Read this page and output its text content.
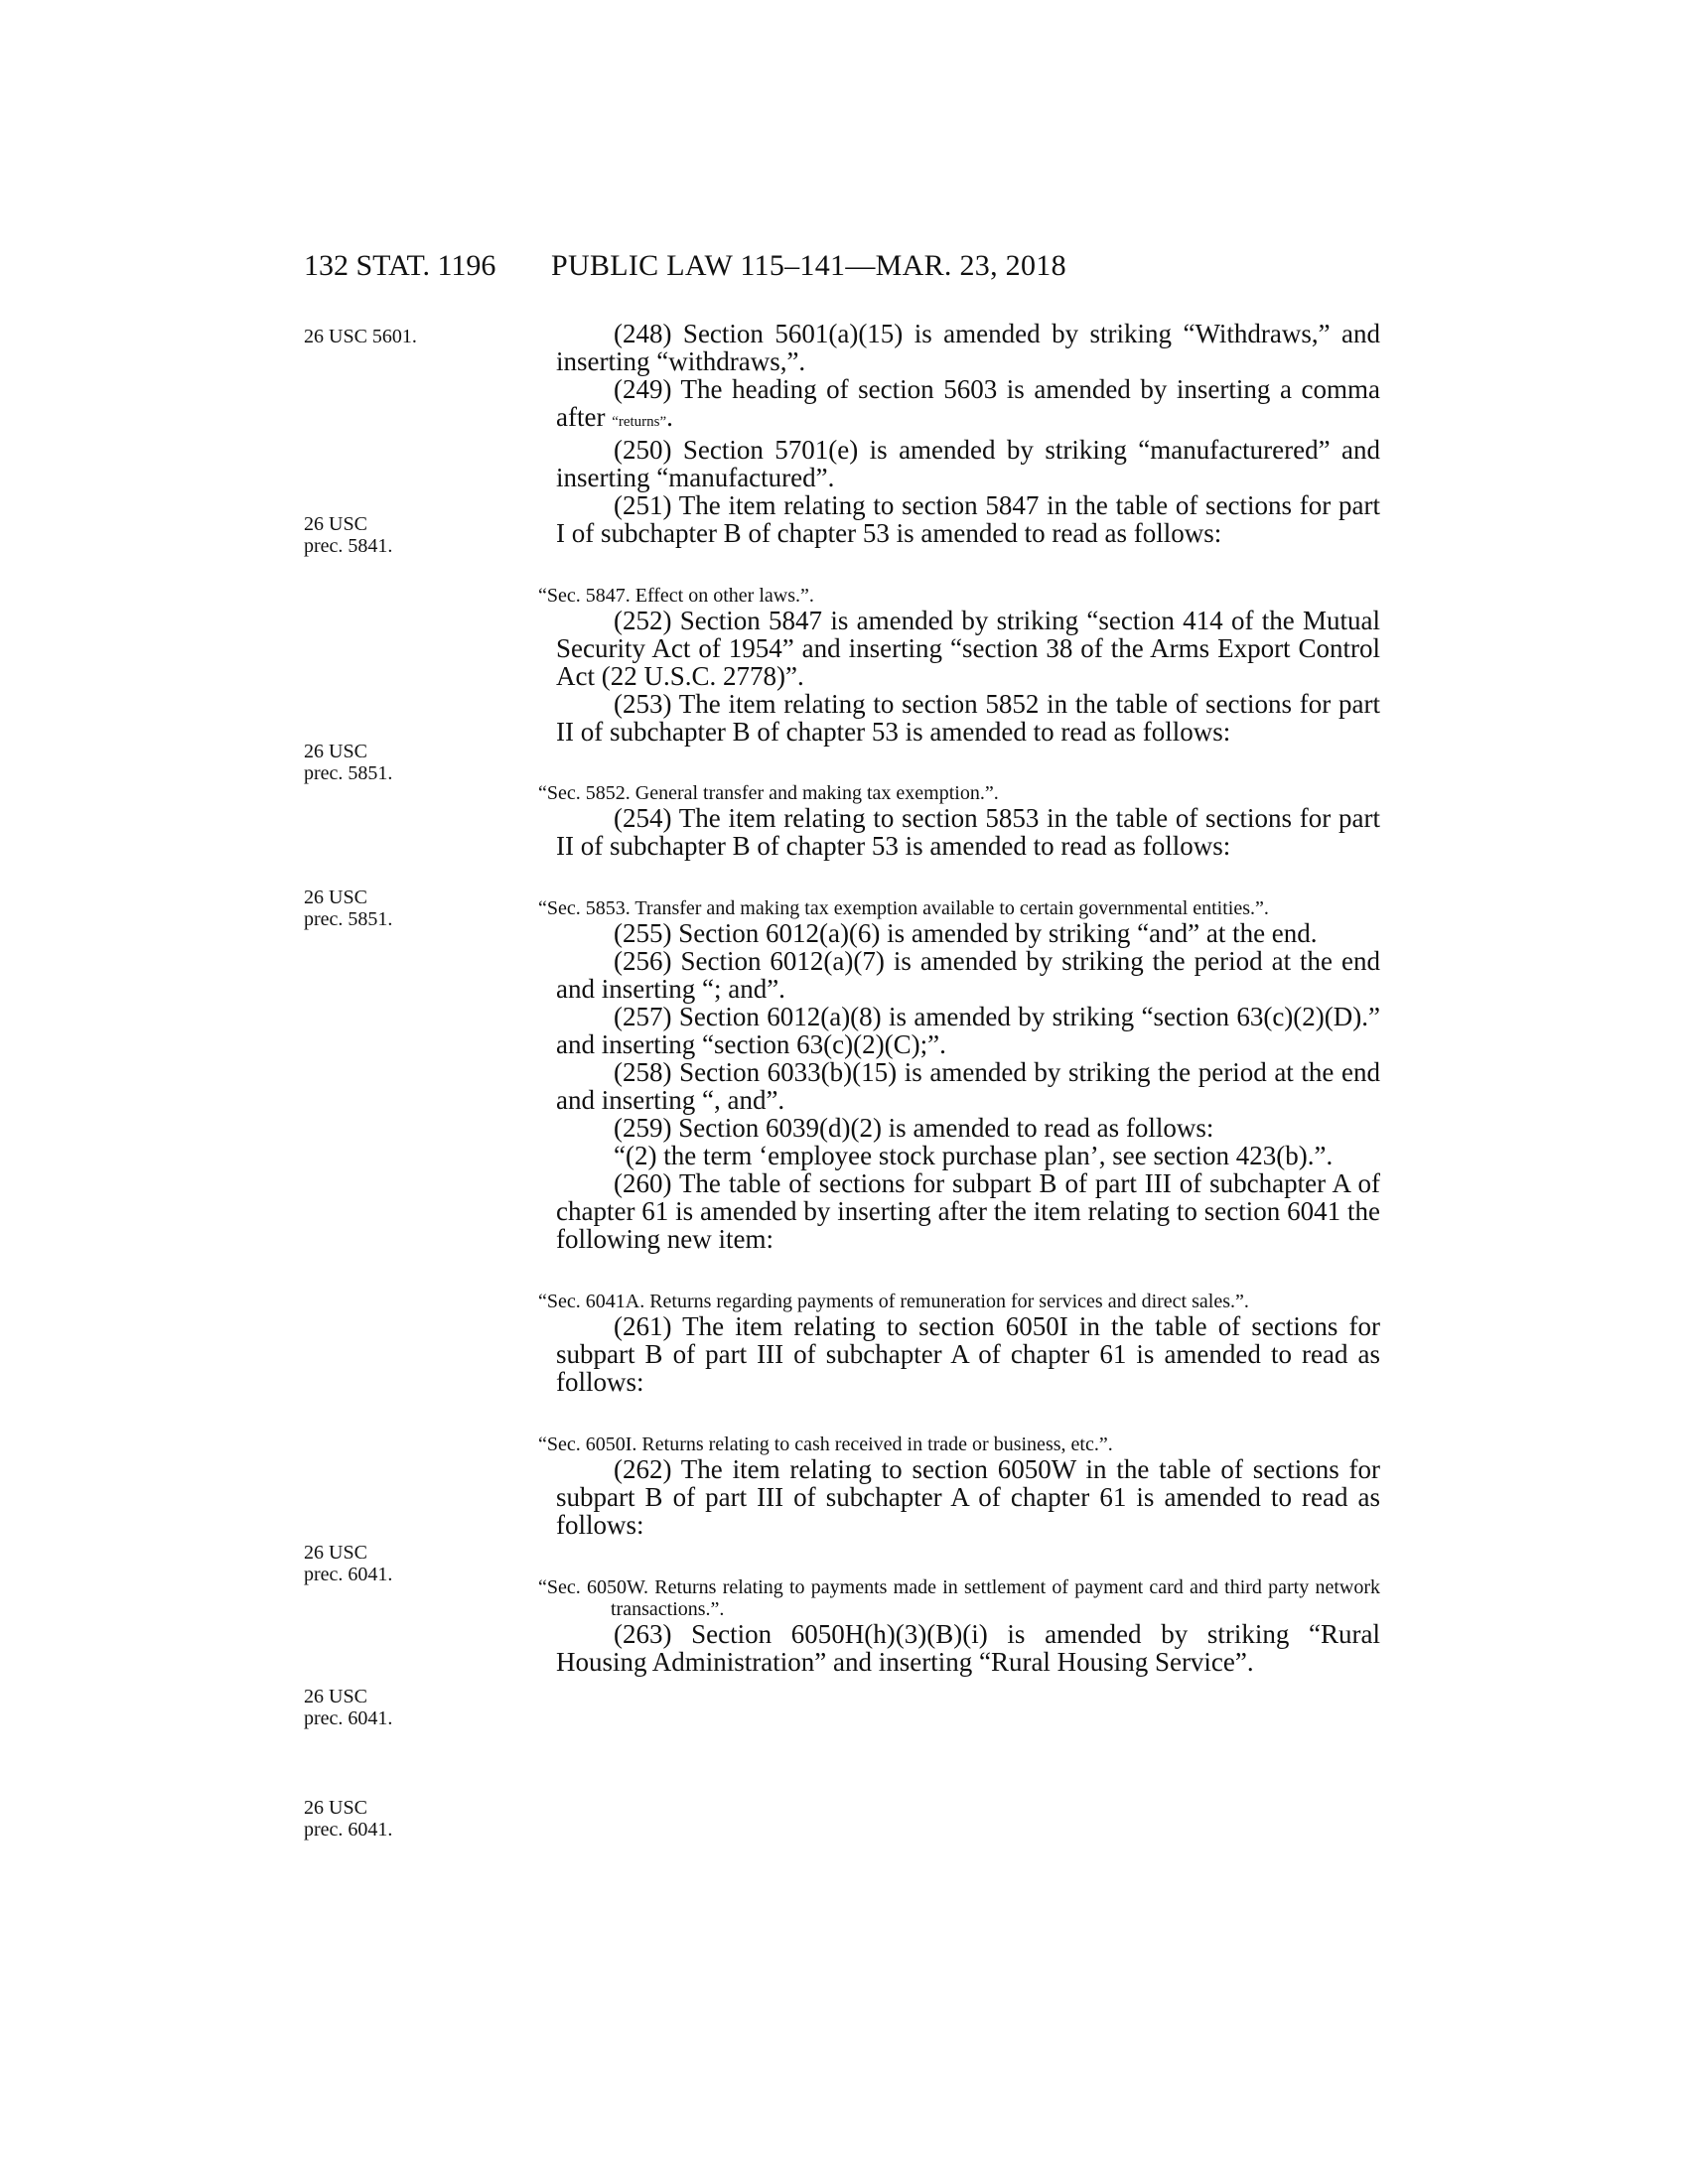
132 STAT. 1196 PUBLIC LAW 115–141—MAR. 23, 2018
26 USC 5601.
26 USC
prec. 5841.
26 USC
prec. 5851.
26 USC
prec. 5851.
26 USC
prec. 6041.
26 USC
prec. 6041.
26 USC
prec. 6041.

(248) Section 5601(a)(15) is amended by striking “Withdraws,” and inserting “withdraws,”.

(249) The heading of section 5603 is amended by inserting a comma after “returns”.

(250) Section 5701(e) is amended by striking “manufacturered” and inserting “manufactured”.

(251) The item relating to section 5847 in the table of sections for part I of subchapter B of chapter 53 is amended to read as follows:

“Sec. 5847. Effect on other laws.”.

(252) Section 5847 is amended by striking “section 414 of the Mutual Security Act of 1954” and inserting “section 38 of the Arms Export Control Act (22 U.S.C. 2778)”.

(253) The item relating to section 5852 in the table of sections for part II of subchapter B of chapter 53 is amended to read as follows:

“Sec. 5852. General transfer and making tax exemption.”.

(254) The item relating to section 5853 in the table of sections for part II of subchapter B of chapter 53 is amended to read as follows:

“Sec. 5853. Transfer and making tax exemption available to certain governmental entities.”.

(255) Section 6012(a)(6) is amended by striking “and” at the end.

(256) Section 6012(a)(7) is amended by striking the period at the end and inserting “; and”.

(257) Section 6012(a)(8) is amended by striking “section 63(c)(2)(D).” and inserting “section 63(c)(2)(C);”.

(258) Section 6033(b)(15) is amended by striking the period at the end and inserting “, and”.

(259) Section 6039(d)(2) is amended to read as follows:

“(2) the term ‘employee stock purchase plan’, see section 423(b).”.

(260) The table of sections for subpart B of part III of subchapter A of chapter 61 is amended by inserting after the item relating to section 6041 the following new item:

“Sec. 6041A. Returns regarding payments of remuneration for services and direct sales.”.

(261) The item relating to section 6050I in the table of sections for subpart B of part III of subchapter A of chapter 61 is amended to read as follows:

“Sec. 6050I. Returns relating to cash received in trade or business, etc.”.

(262) The item relating to section 6050W in the table of sections for subpart B of part III of subchapter A of chapter 61 is amended to read as follows:

“Sec. 6050W. Returns relating to payments made in settlement of payment card and third party network transactions.”.

(263) Section 6050H(h)(3)(B)(i) is amended by striking “Rural Housing Administration” and inserting “Rural Housing Service”.
